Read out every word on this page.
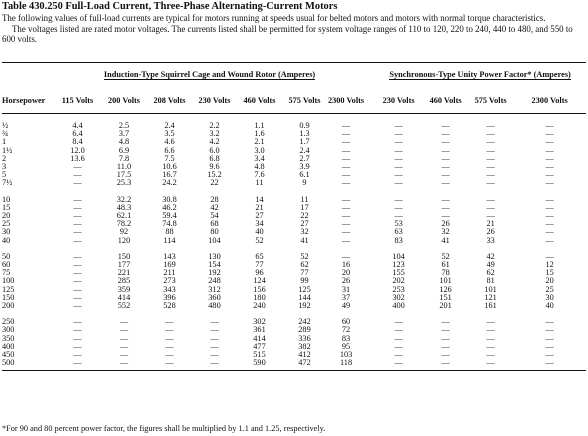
Table 430.250 Full-Load Current, Three-Phase Alternating-Current Motors

The following values of full-load currents are typical for motors running at speeds usual for belted motors and motors with normal torque characteristics.

The voltages listed are rated motor voltages. The currents listed shall be permitted for system voltage ranges of 110 to 120, 220 to 240, 440 to 480, and 550 to 600 volts.

	Induction-Type Squirrel Cage and Wound Rotor (Amperes)								Synchronous-Type Unity Power Factor* (Amperes)			
Horsepower	115 Volts	200 Volts	208 Volts	230 Volts	460 Volts	575 Volts	2300 Volts		230 Volts	460 Volts	575 Volts	2300 Volts

½	4.4	2.5	2.4	2.2	1.1	0.9	—		—	—	—	—
¾	6.4	3.7	3.5	3.2	1.6	1.3	—		—	—	—	—
1	8.4	4.8	4.6	4.2	2.1	1.7	—		—	—	—	—
1½	12.0	6.9	6.6	6.0	3.0	2.4	—		—	—	—	—
2	13.6	7.8	7.5	6.8	3.4	2.7	—		—	—	—	—
3	—	11.0	10.6	9.6	4.8	3.9	—		—	—	—	—
5	—	17.5	16.7	15.2	7.6	6.1	—		—	—	—	—
7½	—	25.3	24.2	22	11	9	—		—	—	—	—

10	—	32.2	30.8	28	14	11	—		—	—	—	—
15	—	48.3	46.2	42	21	17	—		—	—	—	—
20	—	62.1	59.4	54	27	22	—		—	—	—	—
25	—	78.2	74.8	68	34	27	—		53	26	21	—
30	—	92	88	80	40	32	—		63	32	26	—
40	—	120	114	104	52	41	—		83	41	33	—

50	—	150	143	130	65	52	—		104	52	42	—
60	—	177	169	154	77	62	16		123	61	49	12
75	—	221	211	192	96	77	20		155	78	62	15
100	—	285	273	248	124	99	26		202	101	81	20
125	—	359	343	312	156	125	31		253	126	101	25
150	—	414	396	360	180	144	37		302	151	121	30
200	—	552	528	480	240	192	49		400	201	161	40

250	—	—	—	—	302	242	60		—	—	—	—
300	—	—	—	—	361	289	72		—	—	—	—
350	—	—	—	—	414	336	83		—	—	—	—
400	—	—	—	—	477	382	95		—	—	—	—
450	—	—	—	—	515	412	103		—	—	—	—
500	—	—	—	—	590	472	118		—	—	—	—

*For 90 and 80 percent power factor, the figures shall be multiplied by 1.1 and 1.25, respectively.
